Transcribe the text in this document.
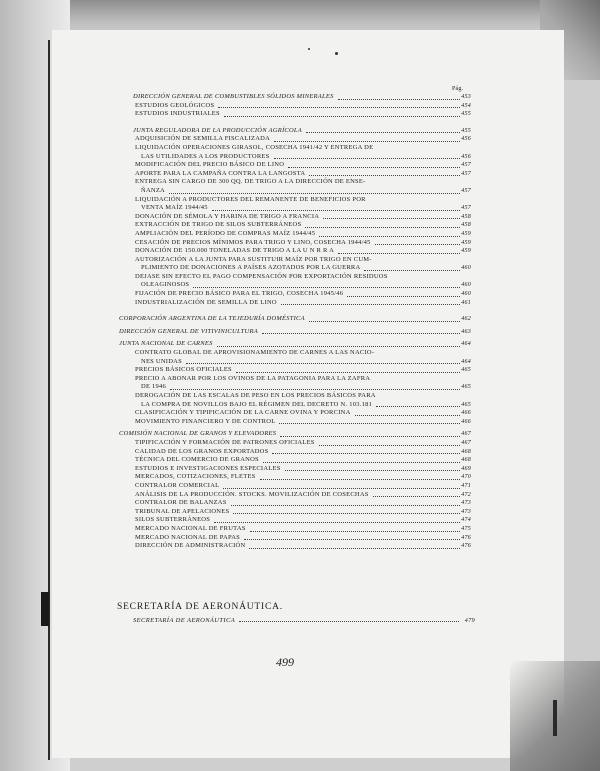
Pág.
DIRECCIÓN GENERAL DE COMBUSTIBLES SÓLIDOS MINERALES	453
ESTUDIOS GEOLÓGICOS	454
ESTUDIOS INDUSTRIALES	455
JUNTA REGULADORA DE LA PRODUCCIÓN AGRÍCOLA	455
ADQUISICIÓN DE SEMILLA FISCALIZADA	456
LIQUIDACIÓN OPERACIONES GIRASOL, COSECHA 1941/42 Y ENTREGA DE
LAS UTILIDADES A LOS PRODUCTORES	456
MODIFICACIÓN DEL PRECIO BÁSICO DE LINO	457
APORTE PARA LA CAMPAÑA CONTRA LA LANGOSTA	457
ENTREGA SIN CARGO DE 300 QQ. DE TRIGO A LA DIRECCIÓN DE ENSE-
ÑANZA	457
LIQUIDACIÓN A PRODUCTORES DEL REMANENTE DE BENEFICIOS POR
VENTA MAÍZ 1944/45	457
DONACIÓN DE SÉMOLA Y HARINA DE TRIGO A FRANCIA	458
EXTRACCIÓN DE TRIGO DE SILOS SUBTERRÁNEOS	458
AMPLIACIÓN DEL PERÍODO DE COMPRAS MAÍZ 1944/45	459
CESACIÓN DE PRECIOS MÍNIMOS PARA TRIGO Y LINO, COSECHA 1944/45	459
DONACIÓN DE 150.000 TONELADAS DE TRIGO A LA U N R R A	459
AUTORIZACIÓN A LA JUNTA PARA SUSTITUIR MAÍZ POR TRIGO EN CUM-
PLIMIENTO DE DONACIONES A PAÍSES AZOTADOS POR LA GUERRA	460
DEJASE SIN EFECTO EL PAGO COMPENSACIÓN POR EXPORTACIÓN RESIDUOS
OLEAGINOSOS	460
FIJACIÓN DE PRECIO BÁSICO PARA EL TRIGO, COSECHA 1945/46	460
INDUSTRIALIZACIÓN DE SEMILLA DE LINO	461
CORPORACIÓN ARGENTINA DE LA TEJEDURÍA DOMÉSTICA	462
DIRECCIÓN GENERAL DE VITIVINICULTURA	463
JUNTA NACIONAL DE CARNES	464
CONTRATO GLOBAL DE APROVISIONAMIENTO DE CARNES A LAS NACIO-
NES UNIDAS	464
PRECIOS BÁSICOS OFICIALES	465
PRECIO A ABONAR POR LOS OVINOS DE LA PATAGONIA PARA LA ZAFRA
DE 1946	465
DEROGACIÓN DE LAS ESCALAS DE PESO EN LOS PRECIOS BÁSICOS PARA
LA COMPRA DE NOVILLOS BAJO EL RÉGIMEN DEL DECRETO N. 103.181	465
CLASIFICACIÓN Y TIPIFICACIÓN DE LA CARNE OVINA Y PORCINA	466
MOVIMIENTO FINANCIERO Y DE CONTROL	466
COMISIÓN NACIONAL DE GRANOS Y ELEVADORES	467
TIPIFICACIÓN Y FORMACIÓN DE PATRONES OFICIALES	467
CALIDAD DE LOS GRANOS EXPORTADOS	468
TÉCNICA DEL COMERCIO DE GRANOS	468
ESTUDIOS E INVESTIGACIONES ESPECIALES	469
MERCADOS, COTIZACIONES, FLETES	470
CONTRALOR COMERCIAL	471
ANÁLISIS DE LA PRODUCCIÓN. STOCKS. MOVILIZACIÓN DE COSECHAS	472
CONTRALOR DE BALANZAS	473
TRIBUNAL DE APELACIONES	473
SILOS SUBTERRÁNEOS	474
MERCADO NACIONAL DE FRUTAS	475
MERCADO NACIONAL DE PAPAS	476
DIRECCIÓN DE ADMINISTRACIÓN	476
SECRETARÍA DE AERONÁUTICA.
SECRETARÍA DE AERONÁUTICA	479
499
